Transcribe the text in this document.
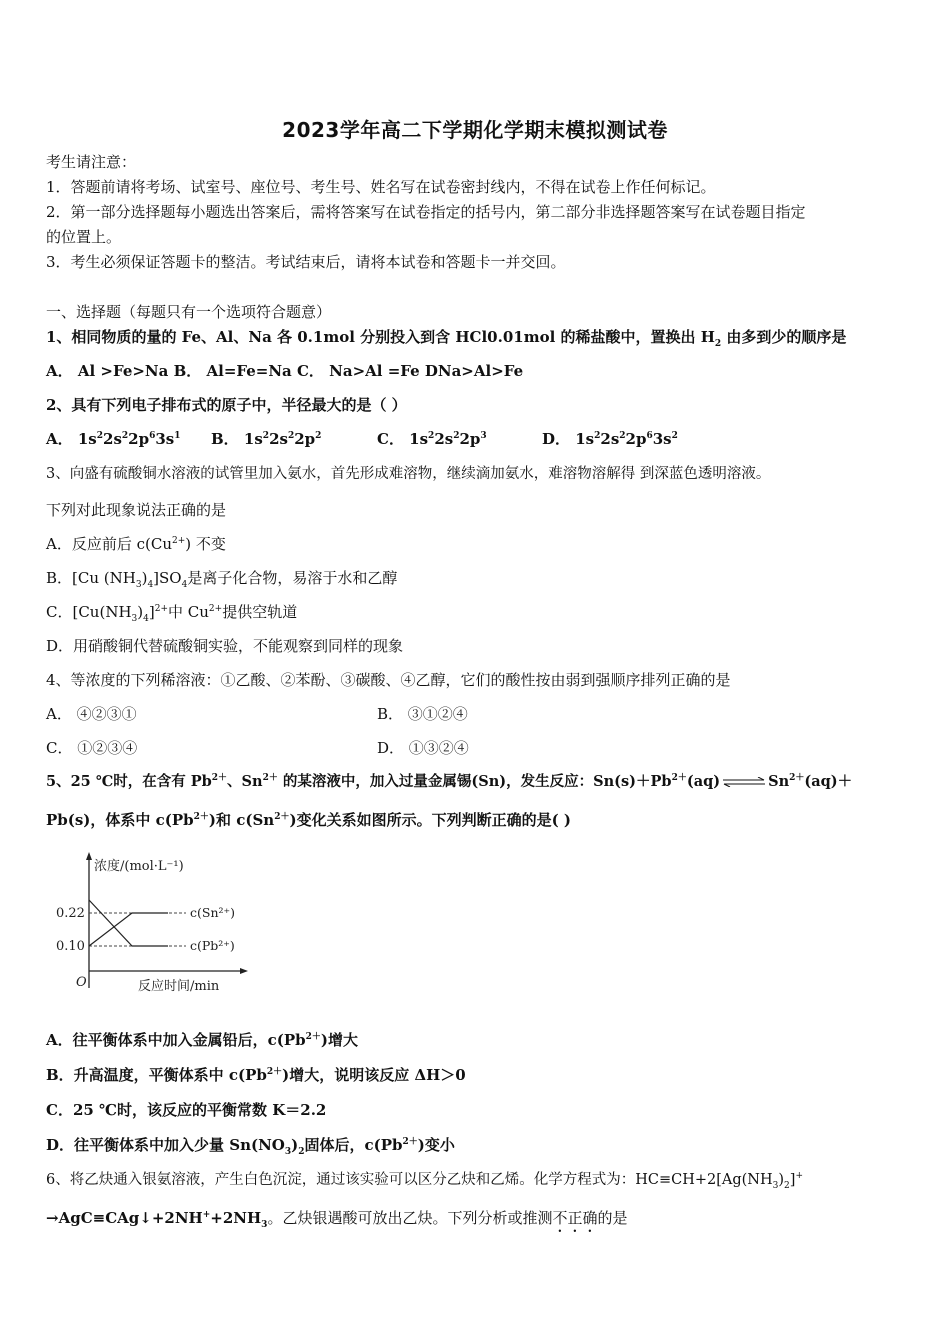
2023学年高二下学期化学期末模拟测试卷
考生请注意：
1．答题前请将考场、试室号、座位号、考生号、姓名写在试卷密封线内，不得在试卷上作任何标记。
2．第一部分选择题每小题选出答案后，需将答案写在试卷指定的括号内，第二部分非选择题答案写在试卷题目指定
的位置上。
3．考生必须保证答题卡的整洁。考试结束后，请将本试卷和答题卡一并交回。
一、选择题（每题只有一个选项符合题意）
1、相同物质的量的 Fe、Al、Na 各 0.1mol 分别投入到含 HCl0.01mol 的稀盐酸中，置换出 $H_2$ 由多到少的顺序是
A． Al >Fe>Na B． Al=Fe=Na C． Na>Al =Fe DNa>Al>Fe
2、具有下列电子排布式的原子中，半径最大的是（ ）
A． $1s^22s^22p^63s^1$ B． $1s^22s^22p^2$	C． $1s^22s^22p^3$	D． $1s^22s^22p^63s^2$
3、向盛有硫酸铜水溶液的试管里加入氨水，首先形成难溶物，继续滴加氨水，难溶物溶解得 到深蓝色透明溶液。
下列对此现象说法正确的是
A．反应前后 $c(Cu^{2+})$ 不变
B．[Cu $(NH_3)_4]SO_4$是离子化合物，易溶于水和乙醇
C．$[Cu(NH_3)_4]^{2+}$中 $Cu^{2+}$提供空轨道
D．用硝酸铜代替硫酸铜实验，不能观察到同样的现象
4、等浓度的下列稀溶液：①乙酸、②苯酚、③碳酸、④乙醇，它们的酸性按由弱到强顺序排列正确的是
A． ④②③①	B． ③①②④
C． ①②③④	D． ①③②④
5、25 ℃时，在含有 $Pb^{2+}$、$Sn^{2+}$ 的某溶液中，加入过量金属锡(Sn)，发生反应：$Sn(s)+Pb^{2+}(aq)$ ⇌ $Sn^{2+}(aq)+$
Pb(s)，体系中 $c(Pb^{2+})$和 $c(Sn^{2+})$变化关系如图所示。下列判断正确的是( )
浓度/(mol·L⁻¹)
反应时间/min
O
0.22
0.10
c(Sn²⁺)
c(Pb²⁺)
A．往平衡体系中加入金属铅后，$c(Pb^{2+})$增大
B．升高温度，平衡体系中 $c(Pb^{2+})$增大，说明该反应 ΔH＞0
C．25 ℃时，该反应的平衡常数 K＝2.2
D．往平衡体系中加入少量 $Sn(NO_3)_2$固体后，$c(Pb^{2+})$变小
6、将乙炔通入银氨溶液，产生白色沉淀，通过该实验可以区分乙炔和乙烯。化学方程式为：$HC\equiv CH+2[Ag(NH_3)_2]^+$
$\to AgC\equiv CAg↓+2NH^++2NH_3$。乙炔银遇酸可放出乙炔。下列分析或推测不正确的是
